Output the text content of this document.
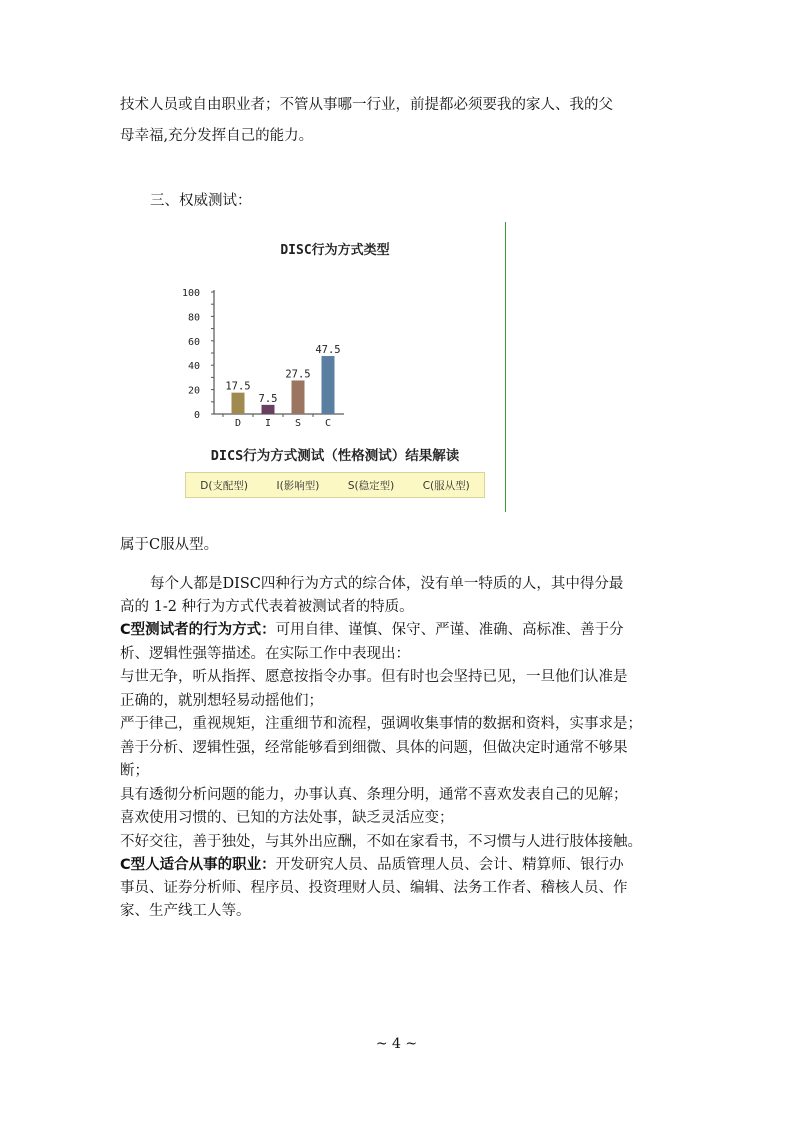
技术人员或自由职业者；不管从事哪一行业，前提都必须要我的家人、我的父
母幸福,充分发挥自己的能力。
三、权威测试：
DISC行为方式类型
0
20
40
60
80
100
17.5
D
7.5
I
27.5
S
47.5
C
DICS行为方式测试（性格测试）结果解读
D(支配型)	I(影响型)	S(稳定型)	C(服从型)
属于C服从型。
每个人都是DISC四种行为方式的综合体，没有单一特质的人，其中得分最
高的 1-2 种行为方式代表着被测试者的特质。
C型测试者的行为方式：可用自律、谨慎、保守、严谨、准确、高标准、善于分
析、逻辑性强等描述。在实际工作中表现出：
与世无争，听从指挥、愿意按指令办事。但有时也会坚持已见，一旦他们认准是
正确的，就别想轻易动摇他们；
严于律己，重视规矩，注重细节和流程，强调收集事情的数据和资料，实事求是；
善于分析、逻辑性强，经常能够看到细微、具体的问题，但做决定时通常不够果
断；
具有透彻分析问题的能力，办事认真、条理分明，通常不喜欢发表自己的见解；
喜欢使用习惯的、已知的方法处事，缺乏灵活应变；
不好交往，善于独处，与其外出应酬，不如在家看书，不习惯与人进行肢体接触。
C型人适合从事的职业：开发研究人员、品质管理人员、会计、精算师、银行办
事员、证券分析师、程序员、投资理财人员、编辑、法务工作者、稽核人员、作
家、生产线工人等。
~ 4 ~
